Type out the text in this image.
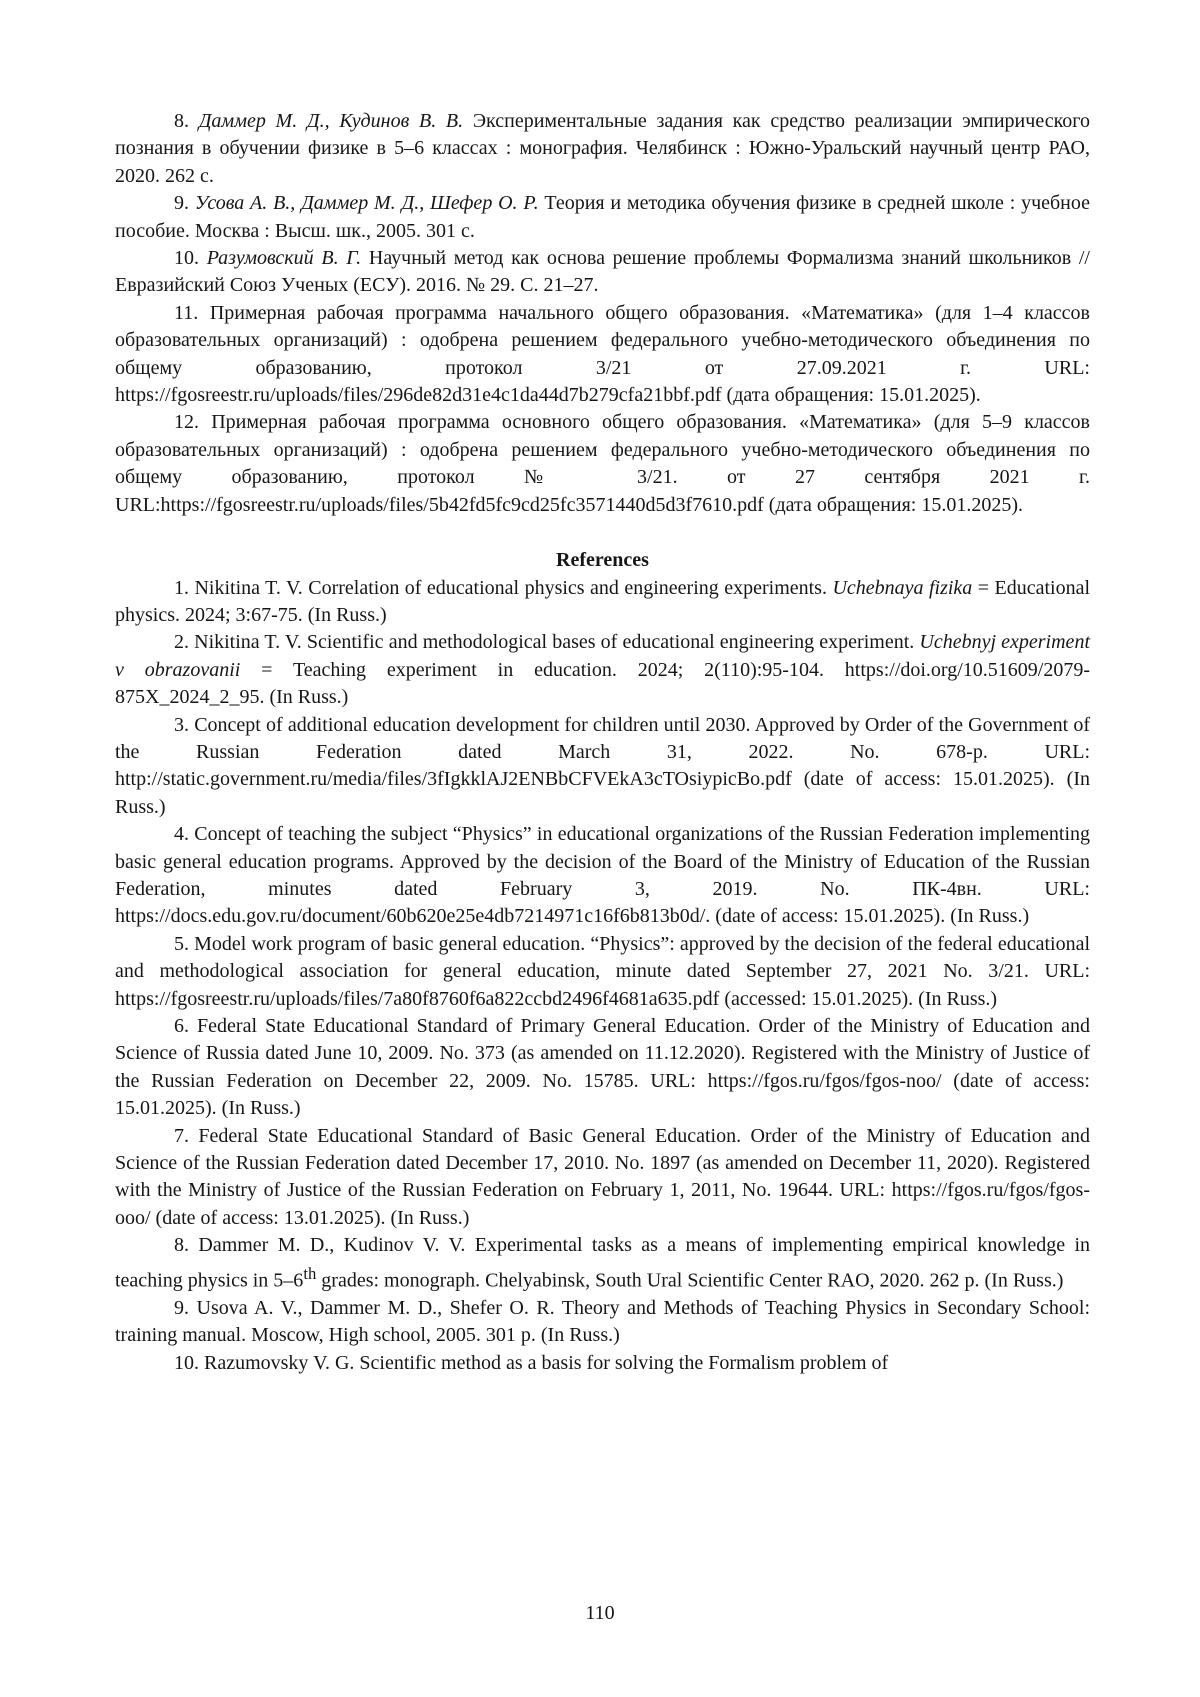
8. Даммер М. Д., Кудинов В. В. Экспериментальные задания как средство реализации эмпирического познания в обучении физике в 5–6 классах : монография. Челябинск : Южно-Уральский научный центр РАО, 2020. 262 с.

9. Усова А. В., Даммер М. Д., Шефер О. Р. Теория и методика обучения физике в средней школе : учебное пособие. Москва : Высш. шк., 2005. 301 с.

10. Разумовский В. Г. Научный метод как основа решение проблемы Формализма знаний школьников // Евразийский Союз Ученых (ЕСУ). 2016. № 29. С. 21–27.

11. Примерная рабочая программа начального общего образования. «Математика» (для 1–4 классов образовательных организаций) : одобрена решением федерального учебно-методического объединения по общему образованию, протокол 3/21 от 27.09.2021 г. URL: https://fgosreestr.ru/uploads/files/296de82d31e4c1da44d7b279cfa21bbf.pdf (дата обращения: 15.01.2025).

12. Примерная рабочая программа основного общего образования. «Математика» (для 5–9 классов образовательных организаций) : одобрена решением федерального учебно-методического объединения по общему образованию, протокол № 3/21. от 27 сентября 2021 г. URL:https://fgosreestr.ru/uploads/files/5b42fd5fc9cd25fc3571440d5d3f7610.pdf (дата обращения: 15.01.2025).

References

1. Nikitina T. V. Correlation of educational physics and engineering experiments. Uchebnaya fizika = Educational physics. 2024; 3:67-75. (In Russ.)

2. Nikitina T. V. Scientific and methodological bases of educational engineering experiment. Uchebnyj experiment v obrazovanii = Teaching experiment in education. 2024; 2(110):95-104. https://doi.org/10.51609/2079-875X_2024_2_95. (In Russ.)

3. Concept of additional education development for children until 2030. Approved by Order of the Government of the Russian Federation dated March 31, 2022. No. 678-р. URL: http://static.government.ru/media/files/3fIgkklAJ2ENBbCFVEkA3cTOsiypicBo.pdf (date of access: 15.01.2025). (In Russ.)

4. Concept of teaching the subject “Physics” in educational organizations of the Russian Federation implementing basic general education programs. Approved by the decision of the Board of the Ministry of Education of the Russian Federation, minutes dated February 3, 2019. No. ПК-4вн. URL: https://docs.edu.gov.ru/document/60b620e25e4db7214971c16f6b813b0d/. (date of access: 15.01.2025). (In Russ.)

5. Model work program of basic general education. “Physics”: approved by the decision of the federal educational and methodological association for general education, minute dated September 27, 2021 No. 3/21. URL: https://fgosreestr.ru/uploads/files/7a80f8760f6a822ccbd2496f4681a635.pdf (accessed: 15.01.2025). (In Russ.)

6. Federal State Educational Standard of Primary General Education. Order of the Ministry of Education and Science of Russia dated June 10, 2009. No. 373 (as amended on 11.12.2020). Registered with the Ministry of Justice of the Russian Federation on December 22, 2009. No. 15785. URL: https://fgos.ru/fgos/fgos-noo/ (date of access: 15.01.2025). (In Russ.)

7. Federal State Educational Standard of Basic General Education. Order of the Ministry of Education and Science of the Russian Federation dated December 17, 2010. No. 1897 (as amended on December 11, 2020). Registered with the Ministry of Justice of the Russian Federation on February 1, 2011, No. 19644. URL: https://fgos.ru/fgos/fgos-ooo/ (date of access: 13.01.2025). (In Russ.)

8. Dammer M. D., Kudinov V. V. Experimental tasks as a means of implementing empirical knowledge in teaching physics in 5–6th grades: monograph. Chelyabinsk, South Ural Scientific Center RAO, 2020. 262 p. (In Russ.)

9. Usova A. V., Dammer M. D., Shefer O. R. Theory and Methods of Teaching Physics in Secondary School: training manual. Moscow, High school, 2005. 301 p. (In Russ.)

10. Razumovsky V. G. Scientific method as a basis for solving the Formalism problem of

110
